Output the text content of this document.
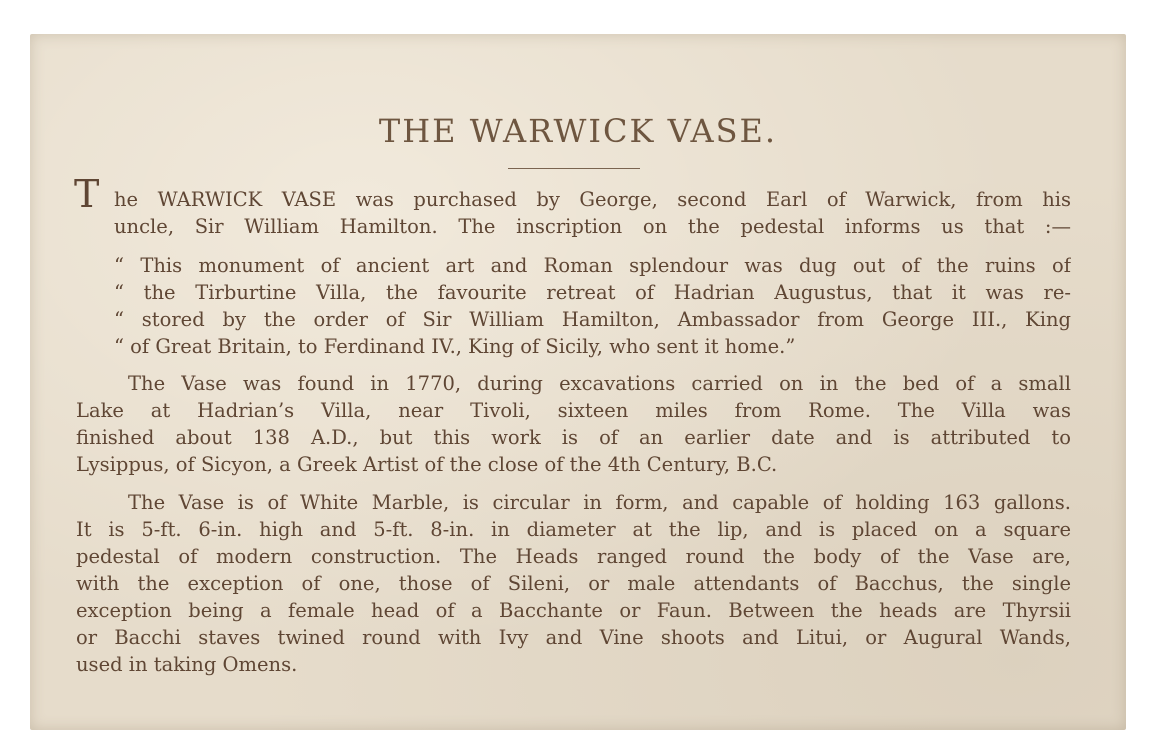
THE WARWICK VASE.
T he WARWICK VASE was purchased by George, second Earl of Warwick, from his
uncle, Sir William Hamilton. The inscription on the pedestal informs us that :—
“ This monument of ancient art and Roman splendour was dug out of the ruins of
“ the Tirburtine Villa, the favourite retreat of Hadrian Augustus, that it was re-
“ stored by the order of Sir William Hamilton, Ambassador from George III., King
“ of Great Britain, to Ferdinand IV., King of Sicily, who sent it home.”
The Vase was found in 1770, during excavations carried on in the bed of a small
Lake at Hadrian’s Villa, near Tivoli, sixteen miles from Rome. The Villa was
finished about 138 A.D., but this work is of an earlier date and is attributed to
Lysippus, of Sicyon, a Greek Artist of the close of the 4th Century, B.C.
The Vase is of White Marble, is circular in form, and capable of holding 163 gallons.
It is 5-ft. 6-in. high and 5-ft. 8-in. in diameter at the lip, and is placed on a square
pedestal of modern construction. The Heads ranged round the body of the Vase are,
with the exception of one, those of Sileni, or male attendants of Bacchus, the single
exception being a female head of a Bacchante or Faun. Between the heads are Thyrsii
or Bacchi staves twined round with Ivy and Vine shoots and Litui, or Augural Wands,
used in taking Omens.
